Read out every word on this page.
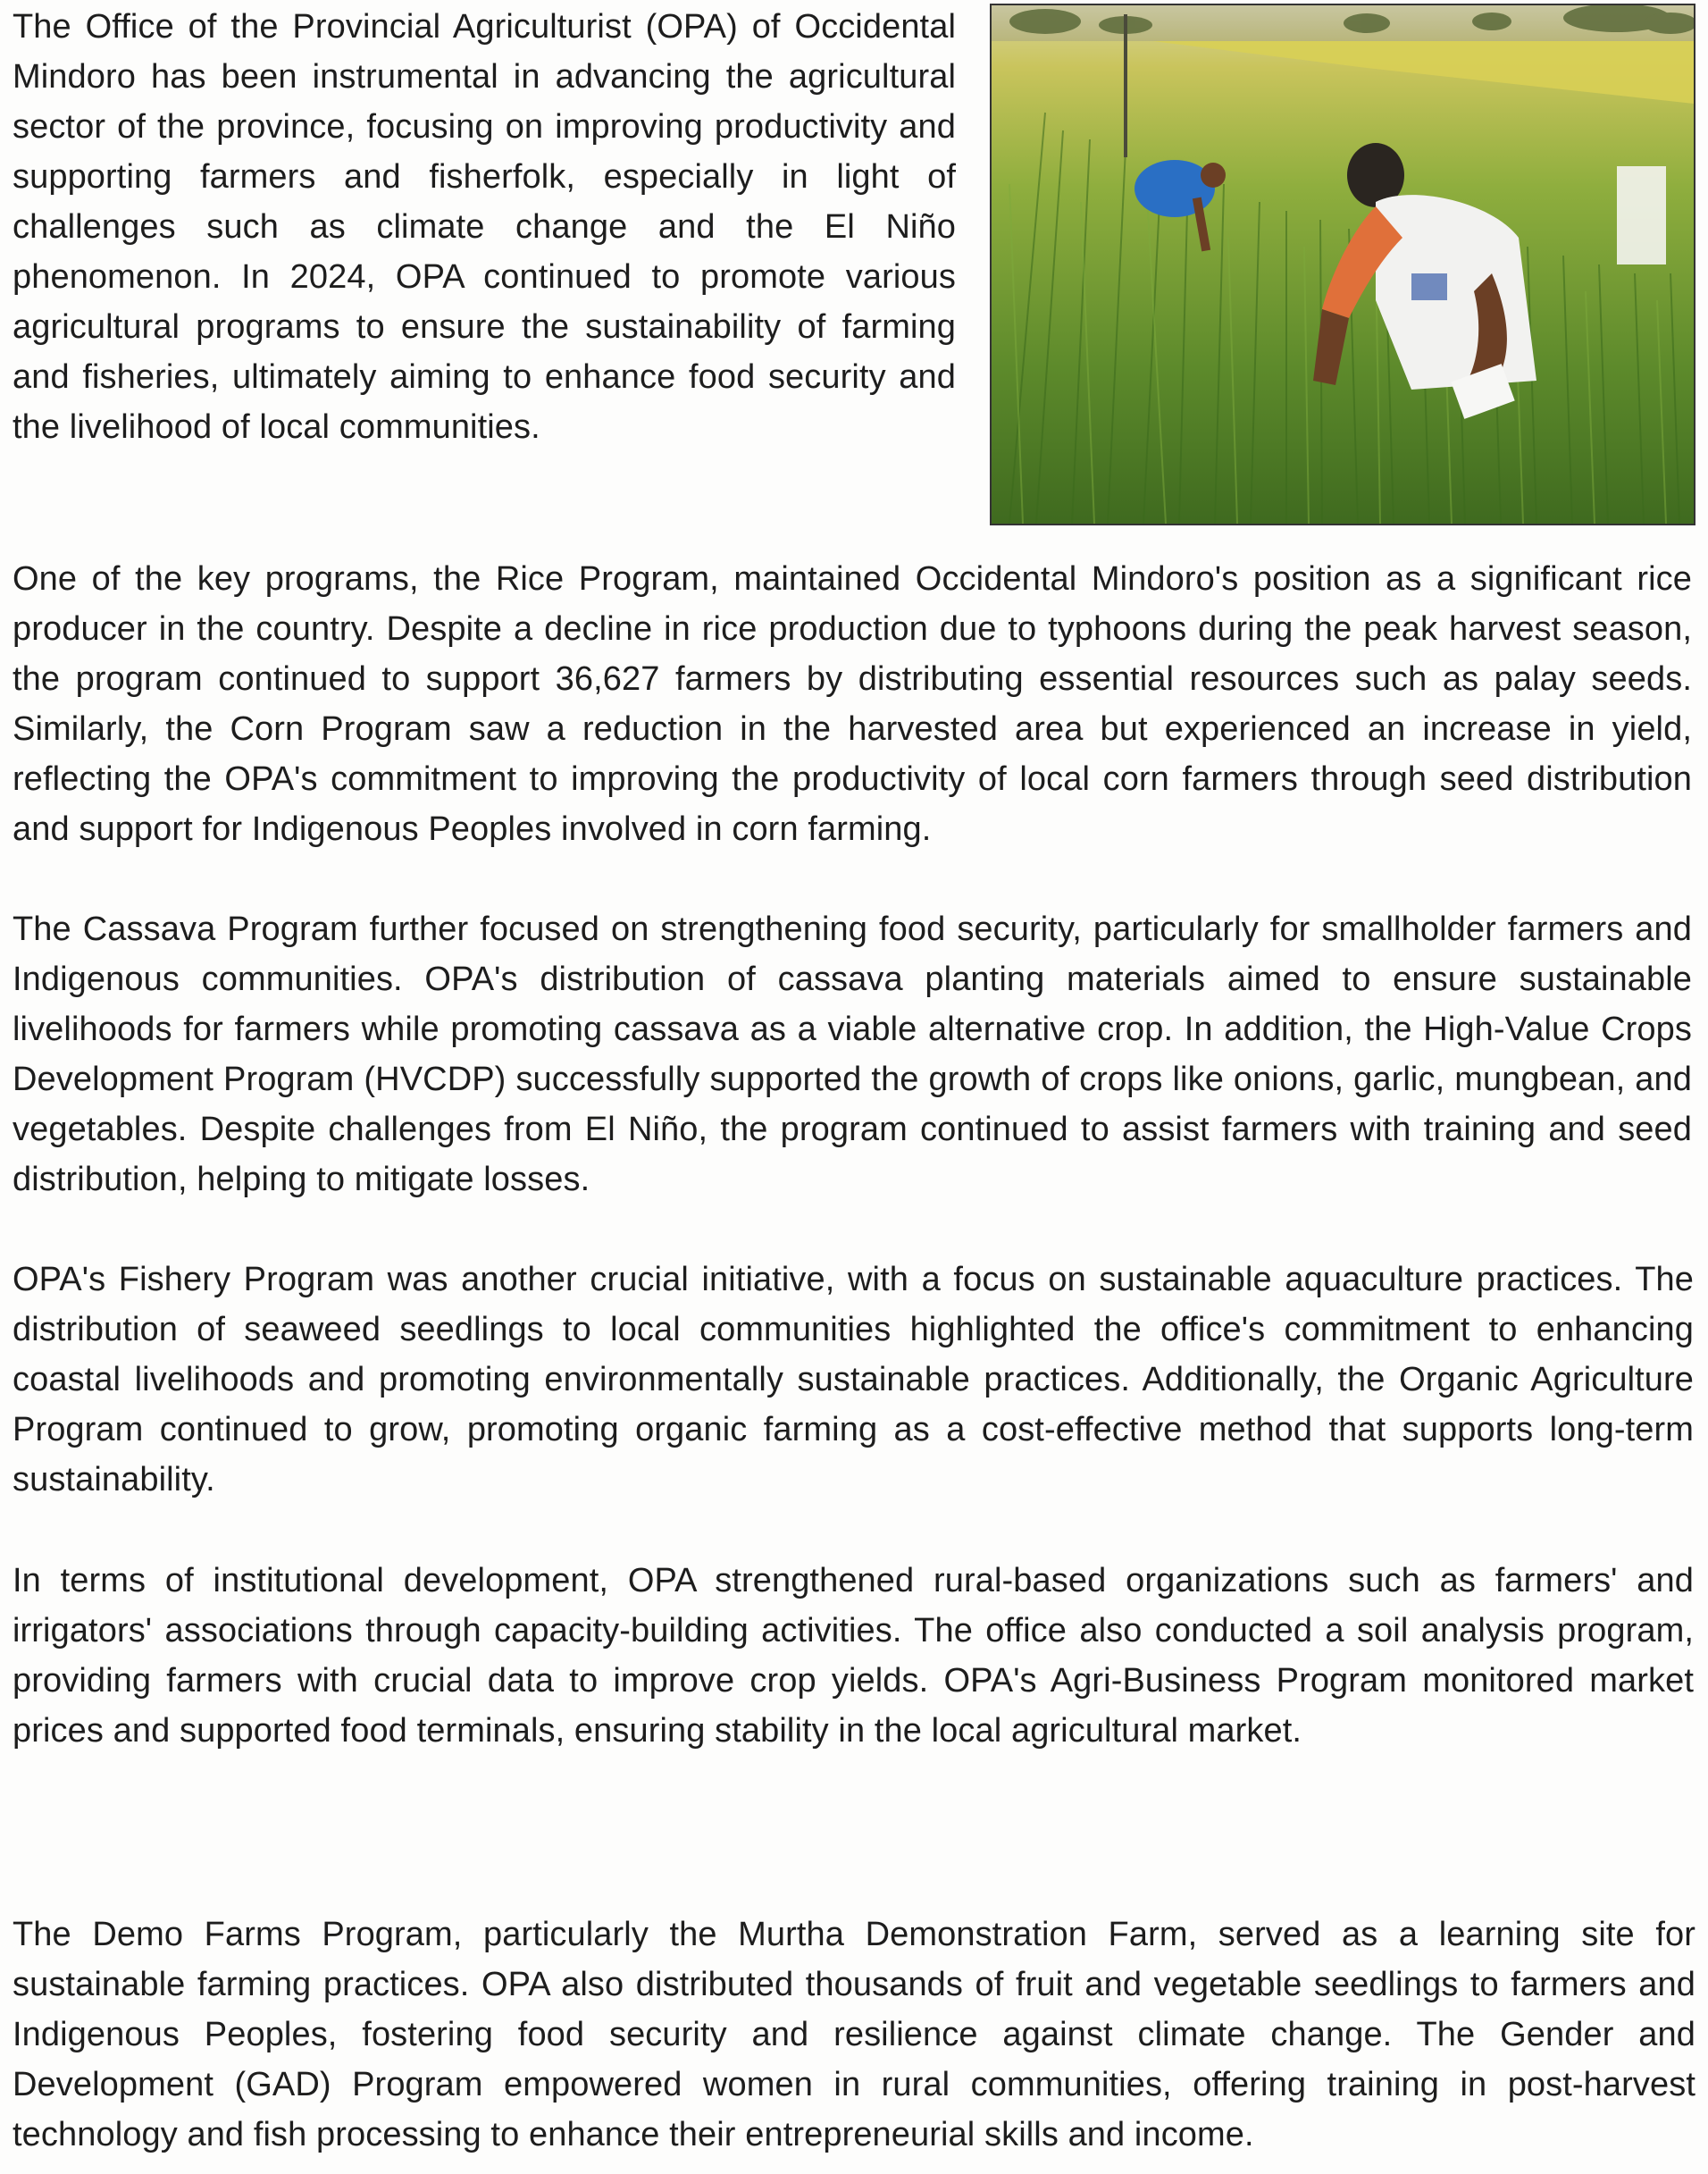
The Office of the Provincial Agriculturist (OPA) of Occidental Mindoro has been instrumental in advancing the agricultural sector of the province, focusing on improving productivity and supporting farmers and fisherfolk, especially in light of challenges such as climate change and the El Niño phenomenon. In 2024, OPA continued to promote various agricultural programs to ensure the sustainability of farming and fisheries, ultimately aiming to enhance food security and the livelihood of local communities.

One of the key programs, the Rice Program, maintained Occidental Mindoro's position as a significant rice producer in the country. Despite a decline in rice production due to typhoons during the peak harvest season, the program continued to support 36,627 farmers by distributing essential resources such as palay seeds. Similarly, the Corn Program saw a reduction in the harvested area but experienced an increase in yield, reflecting the OPA's commitment to improving the productivity of local corn farmers through seed distribution and support for Indigenous Peoples involved in corn farming.

The Cassava Program further focused on strengthening food security, particularly for smallholder farmers and Indigenous communities. OPA's distribution of cassava planting materials aimed to ensure sustainable livelihoods for farmers while promoting cassava as a viable alternative crop. In addition, the High-Value Crops Development Program (HVCDP) successfully supported the growth of crops like onions, garlic, mungbean, and vegetables. Despite challenges from El Niño, the program continued to assist farmers with training and seed distribution, helping to mitigate losses.

OPA's Fishery Program was another crucial initiative, with a focus on sustainable aquaculture practices. The distribution of seaweed seedlings to local communities highlighted the office's commitment to enhancing coastal livelihoods and promoting environmentally sustainable practices. Additionally, the Organic Agriculture Program continued to grow, promoting organic farming as a cost-effective method that supports long-term sustainability.

In terms of institutional development, OPA strengthened rural-based organizations such as farmers' and irrigators' associations through capacity-building activities. The office also conducted a soil analysis program, providing farmers with crucial data to improve crop yields. OPA's Agri-Business Program monitored market prices and supported food terminals, ensuring stability in the local agricultural market.

The Demo Farms Program, particularly the Murtha Demonstration Farm, served as a learning site for sustainable farming practices. OPA also distributed thousands of fruit and vegetable seedlings to farmers and Indigenous Peoples, fostering food security and resilience against climate change. The Gender and Development (GAD) Program empowered women in rural communities, offering training in post-harvest technology and fish processing to enhance their entrepreneurial skills and income.
